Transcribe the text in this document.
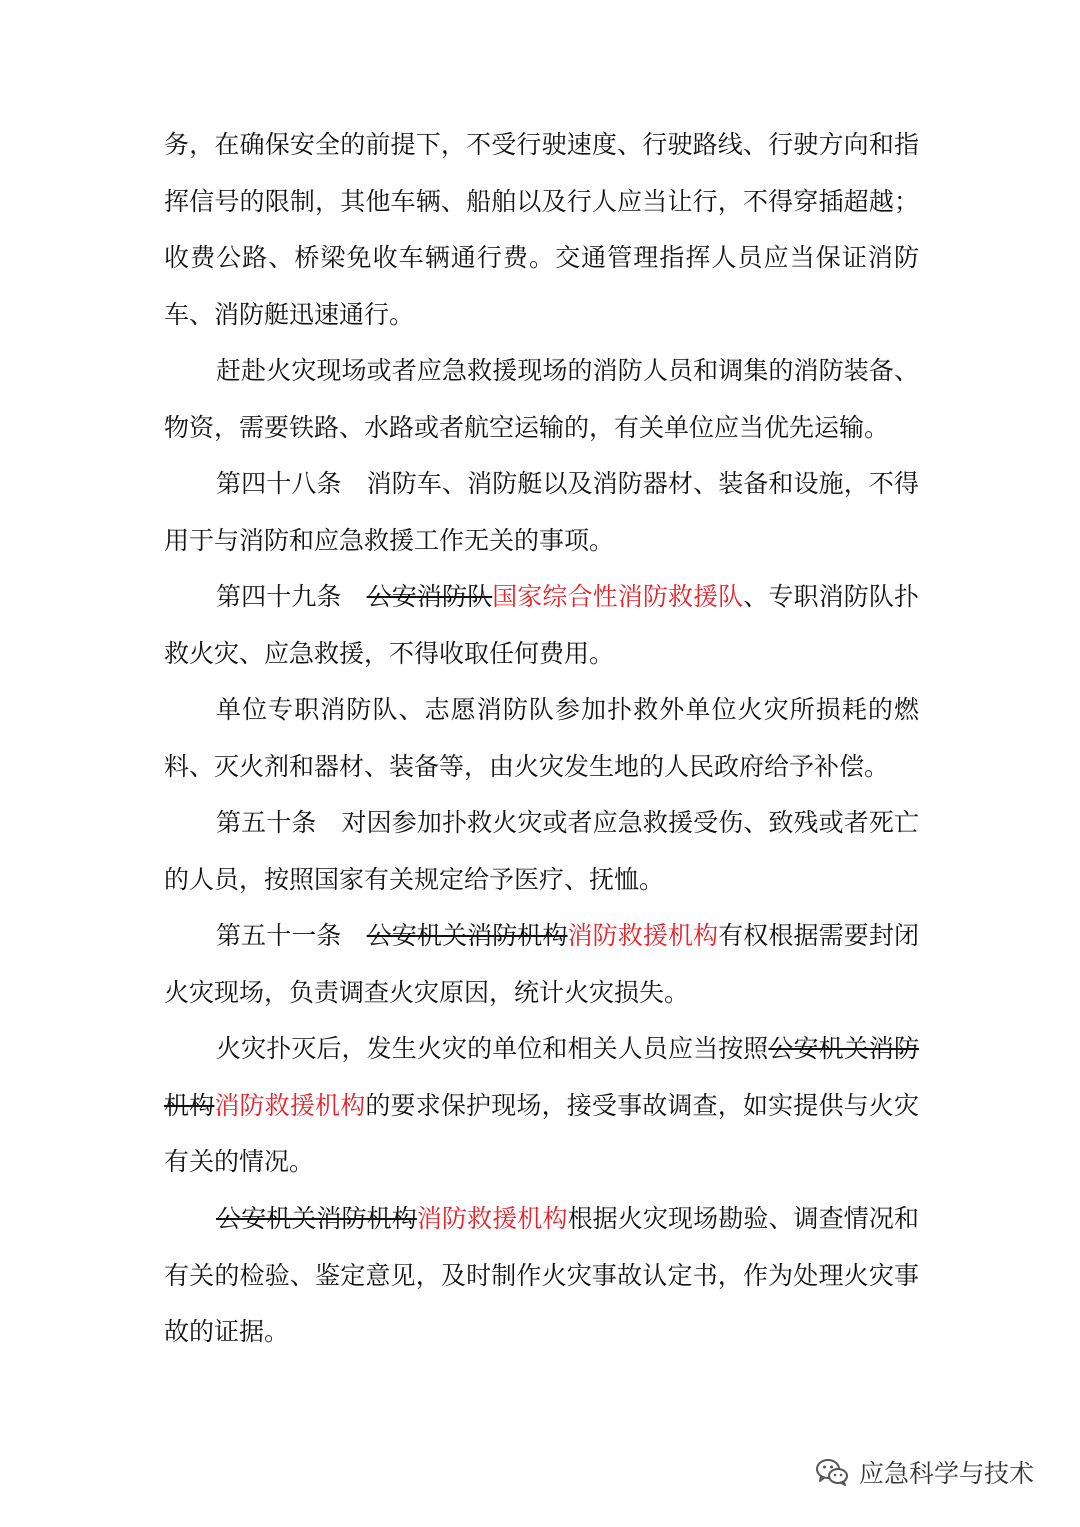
务，在确保安全的前提下，不受行驶速度、行驶路线、行驶方向和指挥信号的限制，其他车辆、船舶以及行人应当让行，不得穿插超越；收费公路、桥梁免收车辆通行费。交通管理指挥人员应当保证消防车、消防艇迅速通行。

赶赴火灾现场或者应急救援现场的消防人员和调集的消防装备、物资，需要铁路、水路或者航空运输的，有关单位应当优先运输。

第四十八条　消防车、消防艇以及消防器材、装备和设施，不得用于与消防和应急救援工作无关的事项。

第四十九条　公安消防队国家综合性消防救援队、专职消防队扑救火灾、应急救援，不得收取任何费用。

单位专职消防队、志愿消防队参加扑救外单位火灾所损耗的燃料、灭火剂和器材、装备等，由火灾发生地的人民政府给予补偿。

第五十条　对因参加扑救火灾或者应急救援受伤、致残或者死亡的人员，按照国家有关规定给予医疗、抚恤。

第五十一条　公安机关消防机构消防救援机构有权根据需要封闭火灾现场，负责调查火灾原因，统计火灾损失。

火灾扑灭后，发生火灾的单位和相关人员应当按照公安机关消防机构消防救援机构的要求保护现场，接受事故调查，如实提供与火灾有关的情况。

公安机关消防机构消防救援机构根据火灾现场勘验、调查情况和有关的检验、鉴定意见，及时制作火灾事故认定书，作为处理火灾事故的证据。

应急科学与技术
